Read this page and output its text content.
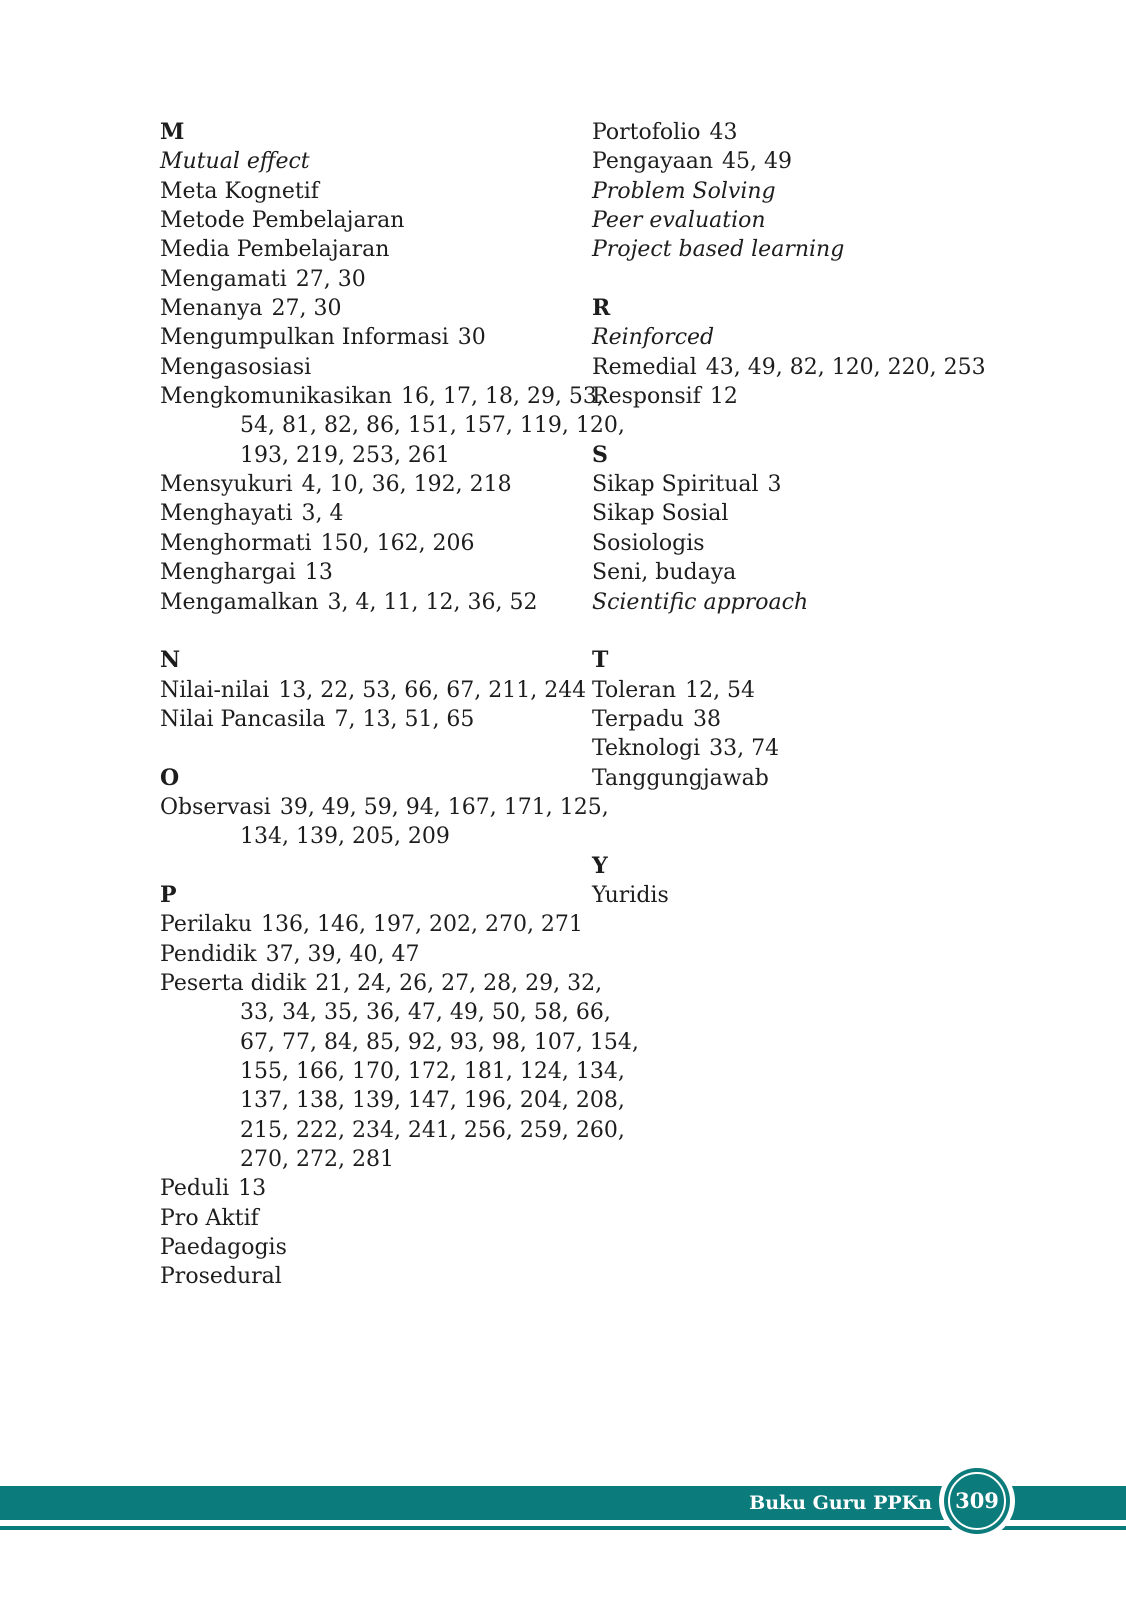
M
Mutual effect
Meta Kognetif
Metode Pembelajaran
Media Pembelajaran
Mengamati 27, 30
Menanya 27, 30
Mengumpulkan Informasi 30
Mengasosiasi
Mengkomunikasikan 16, 17, 18, 29, 53,
54, 81, 82, 86, 151, 157, 119, 120,
193, 219, 253, 261
Mensyukuri 4, 10, 36, 192, 218
Menghayati 3, 4
Menghormati 150, 162, 206
Menghargai 13
Mengamalkan 3, 4, 11, 12, 36, 52
N
Nilai-nilai 13, 22, 53, 66, 67, 211, 244
Nilai Pancasila 7, 13, 51, 65
O
Observasi 39, 49, 59, 94, 167, 171, 125,
134, 139, 205, 209
P
Perilaku 136, 146, 197, 202, 270, 271
Pendidik 37, 39, 40, 47
Peserta didik 21, 24, 26, 27, 28, 29, 32,
33, 34, 35, 36, 47, 49, 50, 58, 66,
67, 77, 84, 85, 92, 93, 98, 107, 154,
155, 166, 170, 172, 181, 124, 134,
137, 138, 139, 147, 196, 204, 208,
215, 222, 234, 241, 256, 259, 260,
270, 272, 281
Peduli 13
Pro Aktif
Paedagogis
Prosedural
Portofolio 43
Pengayaan 45, 49
Problem Solving
Peer evaluation
Project based learning
R
Reinforced
Remedial 43, 49, 82, 120, 220, 253
Responsif 12
S
Sikap Spiritual 3
Sikap Sosial
Sosiologis
Seni, budaya
Scientific approach
T
Toleran 12, 54
Terpadu 38
Teknologi 33, 74
Tanggungjawab
Y
Yuridis
Buku Guru PPKn	309
